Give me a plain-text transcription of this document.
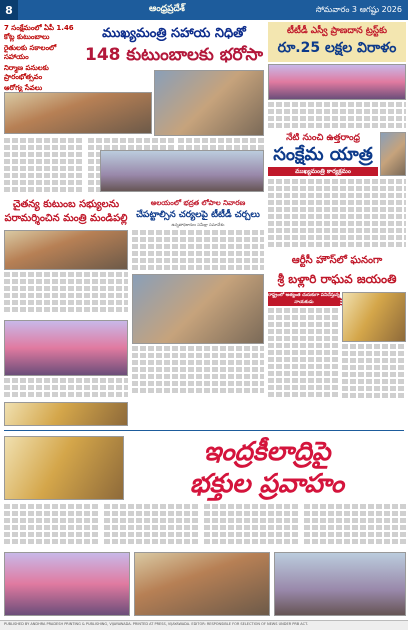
8	ఆంధ్రప్రదేశ్	సోమవారం 3 ఆగష్టు 2026
7 సంక్షేమంలో ఏపీ 1.46 కోట్ల కుటుంబాలు
రైతులకు సకాలంలో సహాయం
నిర్మాణ పనులకు ప్రారంభోత్సవం
ఆరోగ్య సేవలు
ముఖ్యమంత్రి సహాయ నిధితో
148 కుటుంబాలకు భరోసా
టీటీడీ ఎస్వీ ప్రాణదాన ట్రస్ట్‌కు
రూ.25 లక్షల విరాళం
నేటి నుంచి ఉత్తరాంధ్ర
సంక్షేమ యాత్ర
ముఖ్యమంత్రి కార్యక్రమం
చైతన్య కుటుంబ సభ్యులను పరామర్శించిన మంత్రి మండిపల్లి
అలయంలో భద్రత లోపాల నివారణ
చేపట్టాల్సిన చర్యలపై టీటీడీ చర్చలు
ఉన్నతాధికారుల సమీక్షా సమావేశం
ఆర్టీసీ హౌస్‌లో ఘనంగా
శ్రీ బళ్లారి రాఘవ జయంతి
రాష్ట్రంలో అత్యంత చురుకుగా పనిచేస్తున్న నాయకుడు
ఇంద్రకీలాద్రిపై
భక్తుల ప్రవాహం
PUBLISHED BY ANDHRA PRADESH PRINTING & PUBLISHING, VIJAYAWADA. PRINTED AT PRESS, VIJAYAWADA. EDITOR: RESPONSIBLE FOR SELECTION OF NEWS UNDER PRB ACT.
